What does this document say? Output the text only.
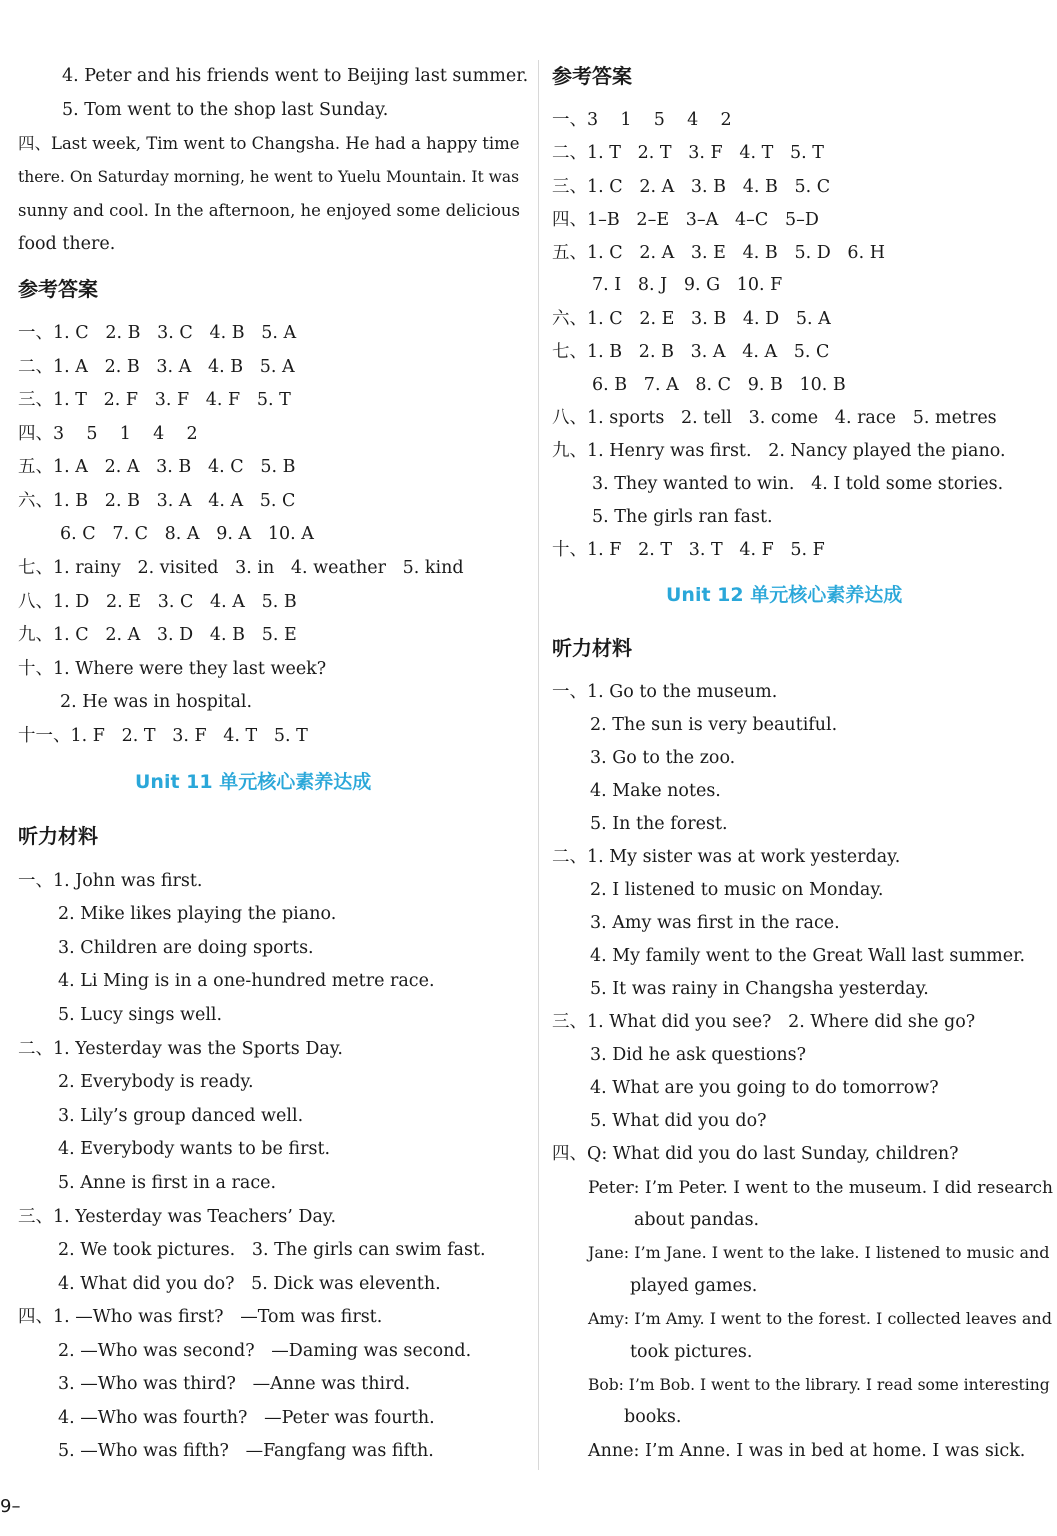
4. Peter and his friends went to Beijing last summer.
5. Tom went to the shop last Sunday.
四、Last week, Tim went to Changsha. He had a happy time
there. On Saturday morning, he went to Yuelu Mountain. It was
sunny and cool. In the afternoon, he enjoyed some delicious
food there.
参考答案
一、1. C   2. B   3. C   4. B   5. A
二、1. A   2. B   3. A   4. B   5. A
三、1. T   2. F   3. F   4. F   5. T
四、3    5    1    4    2
五、1. A   2. A   3. B   4. C   5. B
六、1. B   2. B   3. A   4. A   5. C
6. C   7. C   8. A   9. A   10. A
七、1. rainy   2. visited   3. in   4. weather   5. kind
八、1. D   2. E   3. C   4. A   5. B
九、1. C   2. A   3. D   4. B   5. E
十、1. Where were they last week?
2. He was in hospital.
十一、1. F   2. T   3. F   4. T   5. T
Unit 11 单元核心素养达成
听力材料
一、1. John was first.
2. Mike likes playing the piano.
3. Children are doing sports.
4. Li Ming is in a one-hundred metre race.
5. Lucy sings well.
二、1. Yesterday was the Sports Day.
2. Everybody is ready.
3. Lily’s group danced well.
4. Everybody wants to be first.
5. Anne is first in a race.
三、1. Yesterday was Teachers’ Day.
2. We took pictures.   3. The girls can swim fast.
4. What did you do?   5. Dick was eleventh.
四、1. —Who was first?   —Tom was first.
2. —Who was second?   —Daming was second.
3. —Who was third?   —Anne was third.
4. —Who was fourth?   —Peter was fourth.
5. —Who was fifth?   —Fangfang was fifth.
参考答案
一、3    1    5    4    2
二、1. T   2. T   3. F   4. T   5. T
三、1. C   2. A   3. B   4. B   5. C
四、1–B   2–E   3–A   4–C   5–D
五、1. C   2. A   3. E   4. B   5. D   6. H
7. I   8. J   9. G   10. F
六、1. C   2. E   3. B   4. D   5. A
七、1. B   2. B   3. A   4. A   5. C
6. B   7. A   8. C   9. B   10. B
八、1. sports   2. tell   3. come   4. race   5. metres
九、1. Henry was first.   2. Nancy played the piano.
3. They wanted to win.   4. I told some stories.
5. The girls ran fast.
十、1. F   2. T   3. T   4. F   5. F
Unit 12 单元核心素养达成
听力材料
一、1. Go to the museum.
2. The sun is very beautiful.
3. Go to the zoo.
4. Make notes.
5. In the forest.
二、1. My sister was at work yesterday.
2. I listened to music on Monday.
3. Amy was first in the race.
4. My family went to the Great Wall last summer.
5. It was rainy in Changsha yesterday.
三、1. What did you see?   2. Where did she go?
3. Did he ask questions?
4. What are you going to do tomorrow?
5. What did you do?
四、Q: What did you do last Sunday, children?
Peter: I’m Peter. I went to the museum. I did research
about pandas.
Jane: I’m Jane. I went to the lake. I listened to music and
played games.
Amy: I’m Amy. I went to the forest. I collected leaves and
took pictures.
Bob: I’m Bob. I went to the library. I read some interesting
books.
Anne: I’m Anne. I was in bed at home. I was sick.
9–
